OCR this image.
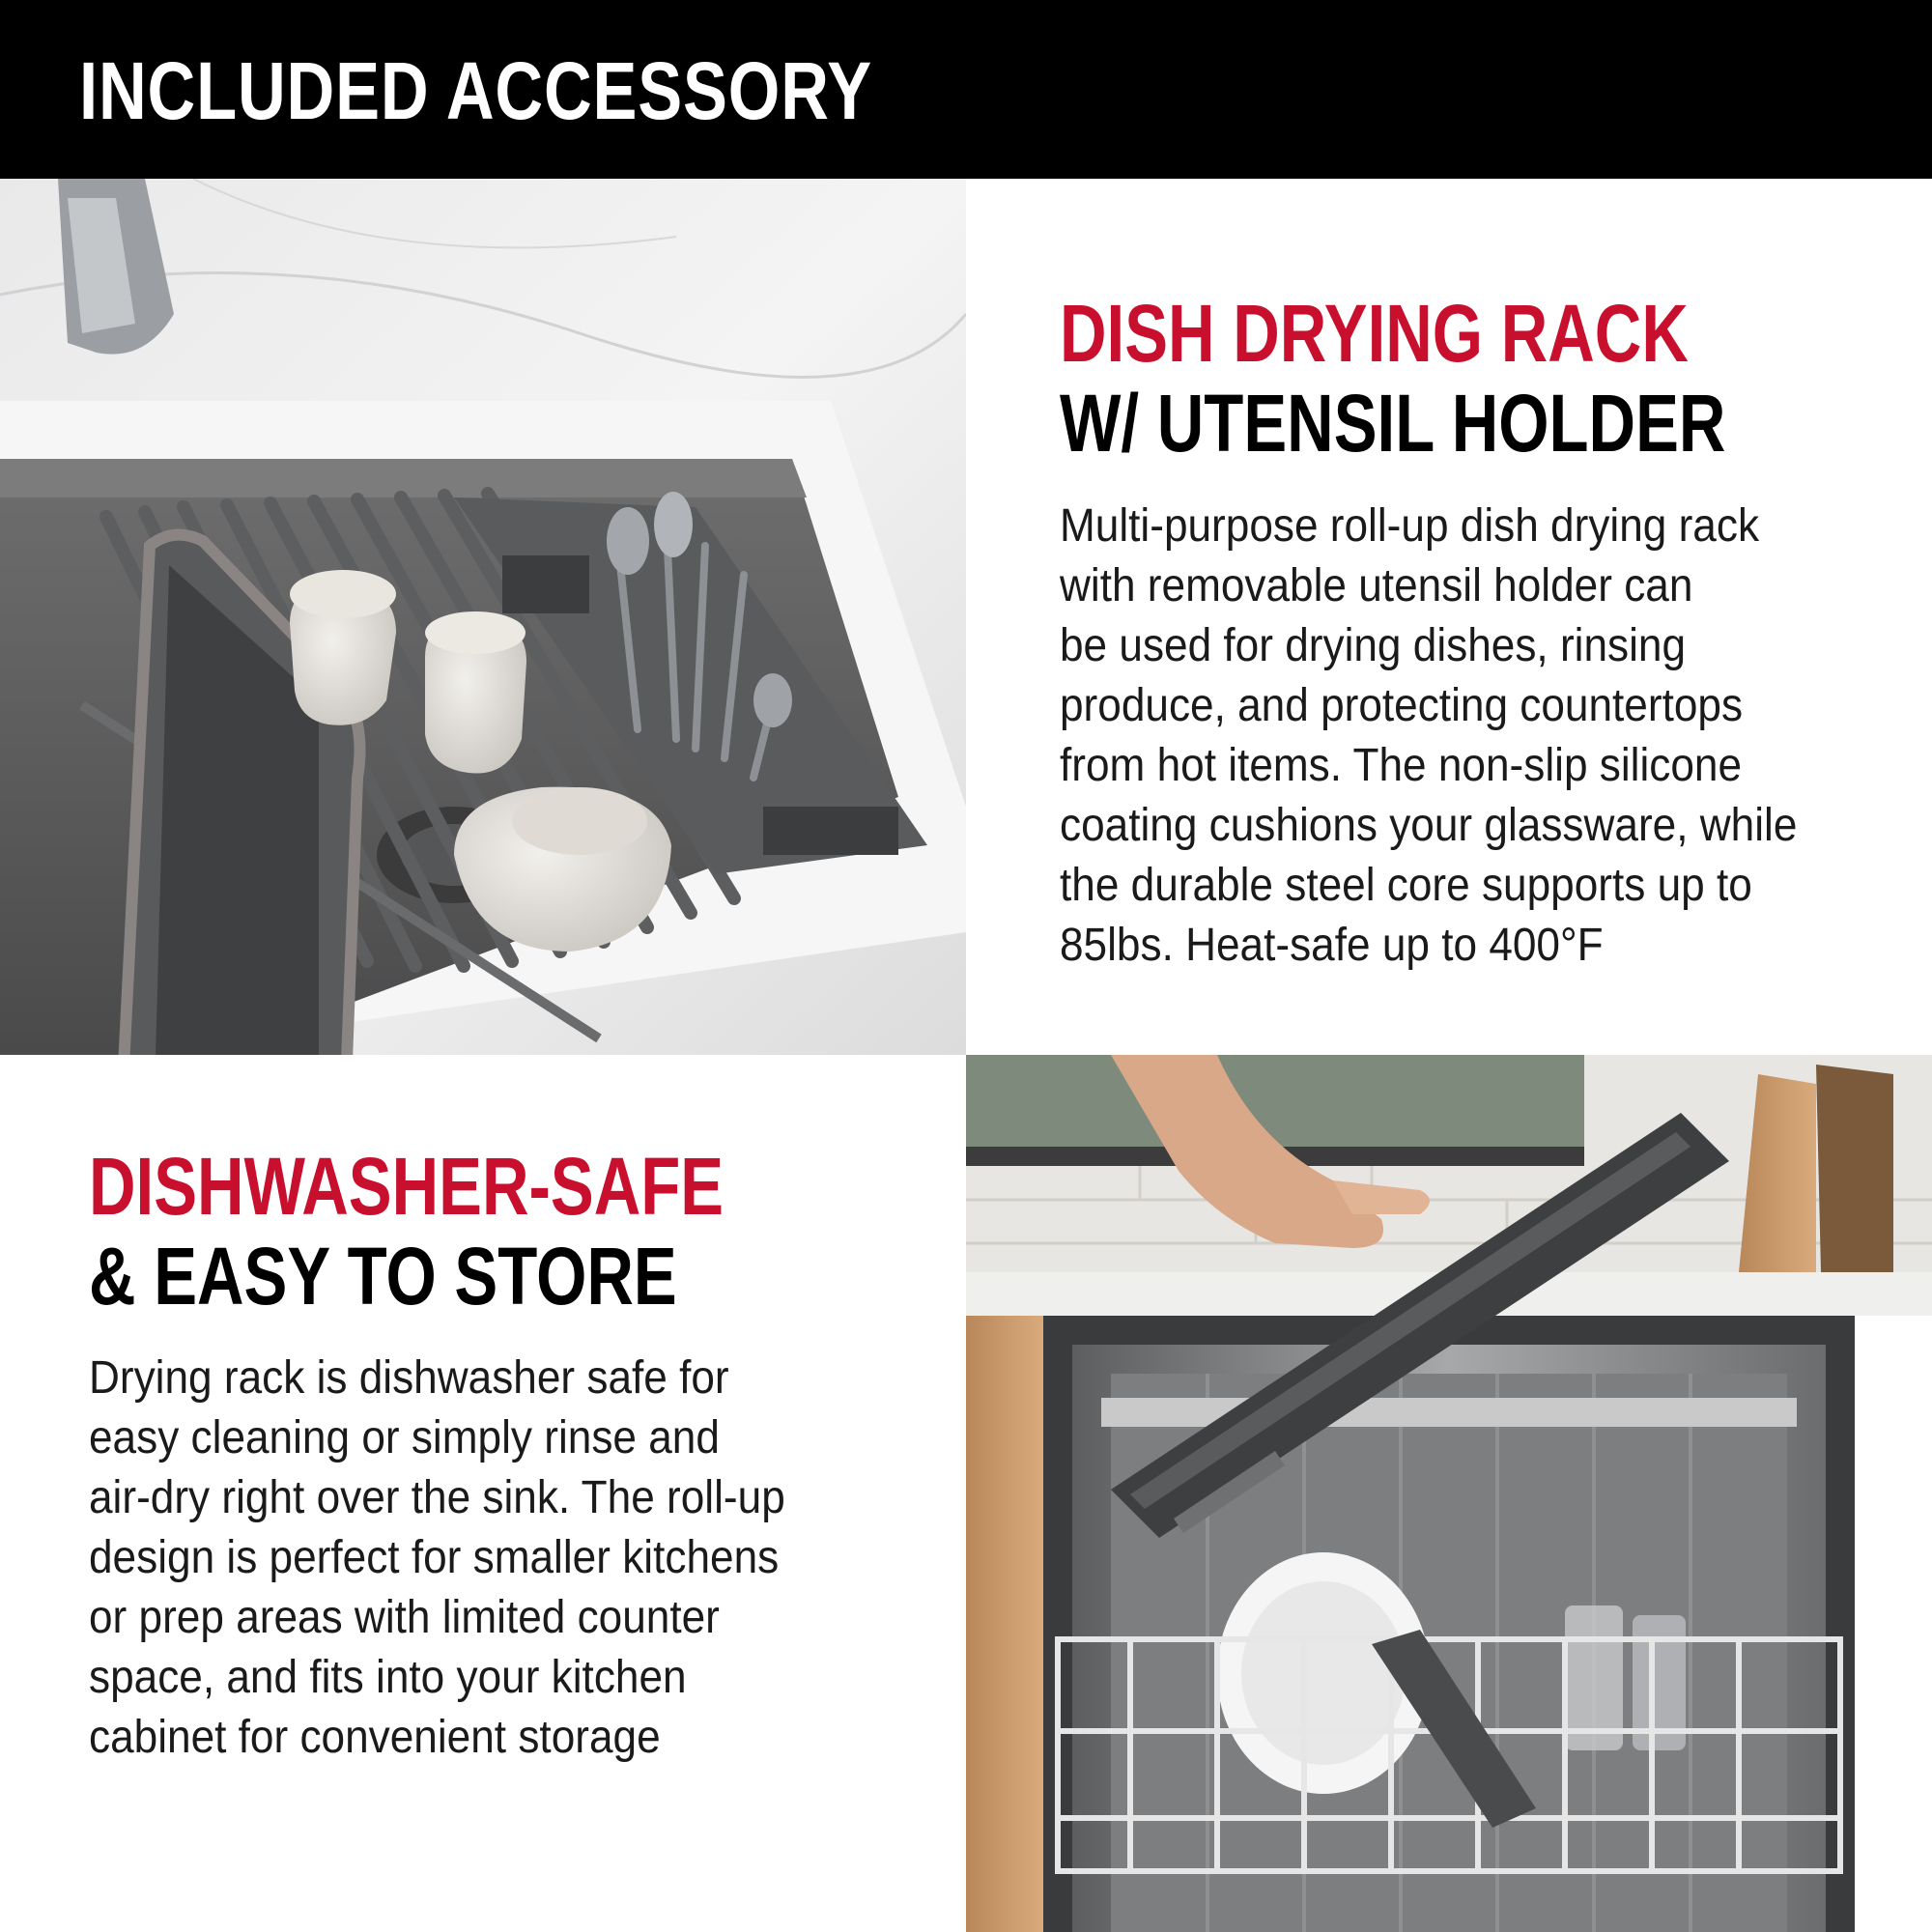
INCLUDED ACCESSORY
DISH DRYING RACK
W/ UTENSIL HOLDER
Multi-purpose roll-up dish drying rack
with removable utensil holder can
be used for drying dishes, rinsing
produce, and protecting countertops
from hot items. The non-slip silicone
coating cushions your glassware, while
the durable steel core supports up to
85lbs. Heat-safe up to 400°F
DISHWASHER-SAFE
& EASY TO STORE
Drying rack is dishwasher safe for
easy cleaning or simply rinse and
air-dry right over the sink. The roll-up
design is perfect for smaller kitchens
or prep areas with limited counter
space, and fits into your kitchen
cabinet for convenient storage
